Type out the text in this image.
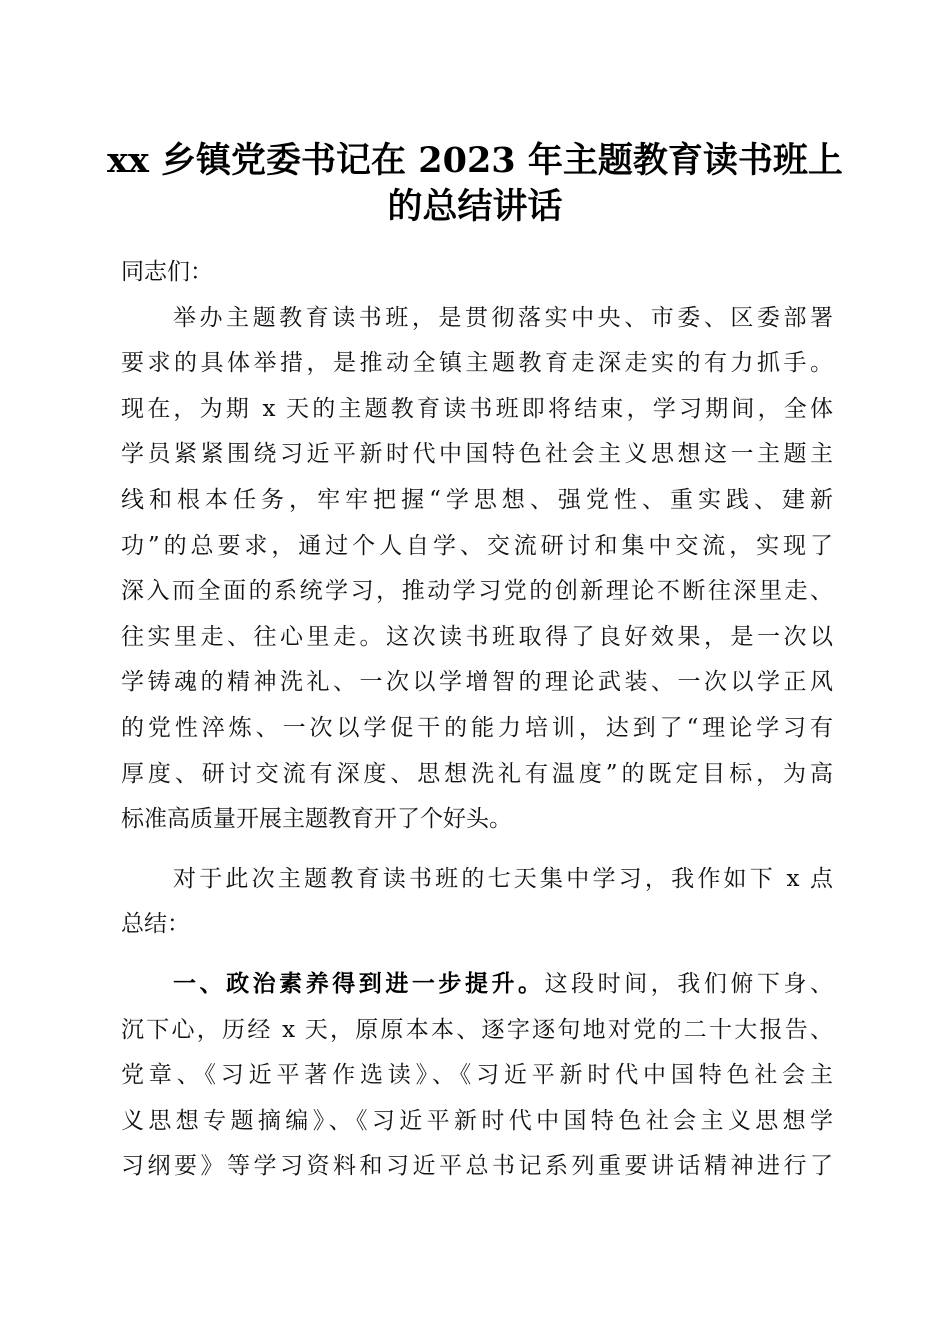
xx 乡镇党委书记在 2023 年主题教育读书班上
的总结讲话
同志们：
举办主题教育读书班，是贯彻落实中央、市委、区委部署
要求的具体举措，是推动全镇主题教育走深走实的有力抓手。
现在，为期 x 天的主题教育读书班即将结束，学习期间，全体
学员紧紧围绕习近平新时代中国特色社会主义思想这一主题主
线和根本任务，牢牢把握“学思想、强党性、重实践、建新
功”的总要求，通过个人自学、交流研讨和集中交流，实现了
深入而全面的系统学习，推动学习党的创新理论不断往深里走、
往实里走、往心里走。这次读书班取得了良好效果，是一次以
学铸魂的精神洗礼、一次以学增智的理论武装、一次以学正风
的党性淬炼、一次以学促干的能力培训，达到了“理论学习有
厚度、研讨交流有深度、思想洗礼有温度”的既定目标，为高
标准高质量开展主题教育开了个好头。
对于此次主题教育读书班的七天集中学习，我作如下 x 点
总结：
一、政治素养得到进一步提升。这段时间，我们俯下身、
沉下心，历经 x 天，原原本本、逐字逐句地对党的二十大报告、
党章、《习近平著作选读》、《习近平新时代中国特色社会主
义思想专题摘编》、《习近平新时代中国特色社会主义思想学
习纲要》等学习资料和习近平总书记系列重要讲话精神进行了
